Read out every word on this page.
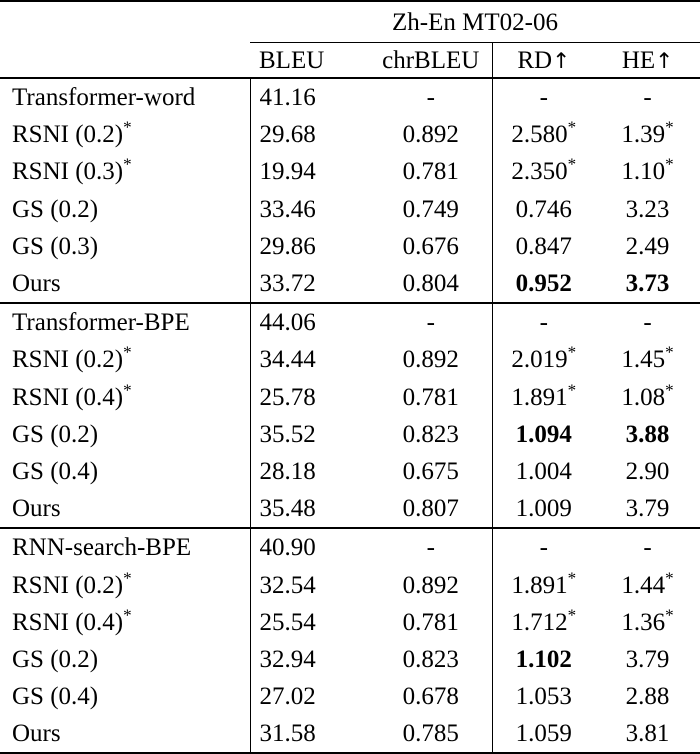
	Zh-En MT02-06			

	BLEU	chrBLEU	RD↑	HE↑
Transformer-word	41.16	-	-	-
RSNI (0.2)*	29.68	0.892	2.580*	1.39*
RSNI (0.3)*	19.94	0.781	2.350*	1.10*
GS (0.2)	33.46	0.749	0.746	3.23
GS (0.3)	29.86	0.676	0.847	2.49
Ours	33.72	0.804	0.952	3.73
Transformer-BPE	44.06	-	-	-
RSNI (0.2)*	34.44	0.892	2.019*	1.45*
RSNI (0.4)*	25.78	0.781	1.891*	1.08*
GS (0.2)	35.52	0.823	1.094	3.88
GS (0.4)	28.18	0.675	1.004	2.90
Ours	35.48	0.807	1.009	3.79
RNN-search-BPE	40.90	-	-	-
RSNI (0.2)*	32.54	0.892	1.891*	1.44*
RSNI (0.4)*	25.54	0.781	1.712*	1.36*
GS (0.2)	32.94	0.823	1.102	3.79
GS (0.4)	27.02	0.678	1.053	2.88
Ours	31.58	0.785	1.059	3.81
